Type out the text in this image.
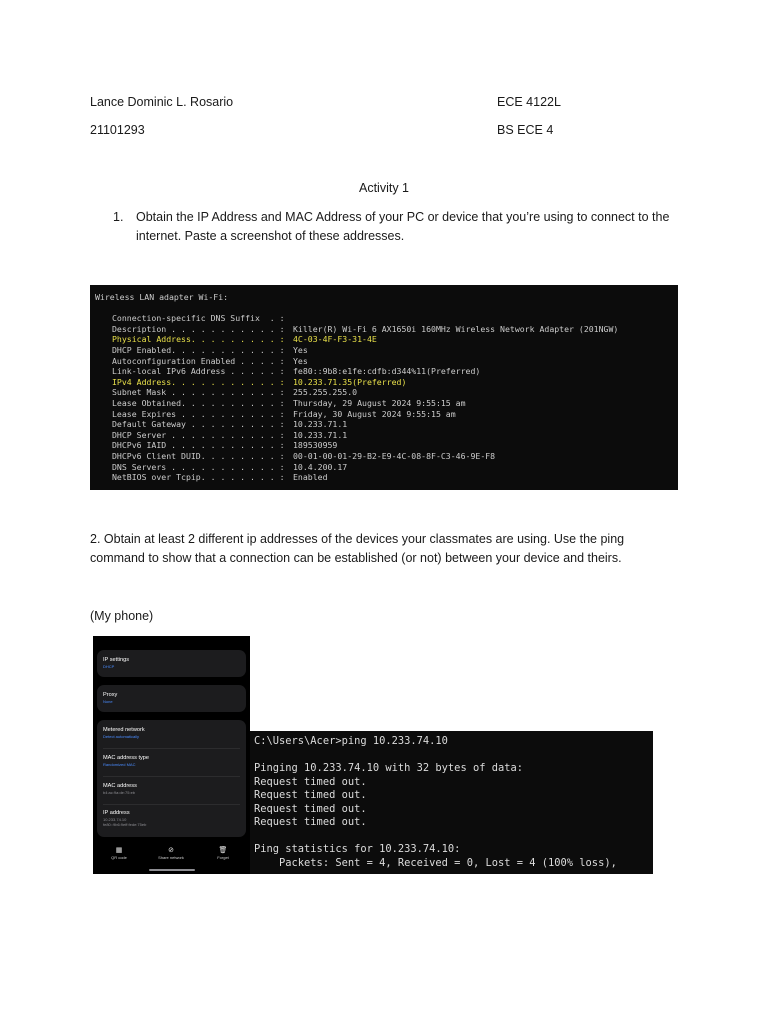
Lance Dominic L. Rosario	ECE 4122L
21101293	BS ECE 4
Activity 1
1. Obtain the IP Address and MAC Address of your PC or device that you’re using to connect to the internet. Paste a screenshot of these addresses.
Wireless LAN adapter Wi-Fi:
Connection-specific DNS Suffix  . :
Description . . . . . . . . . . . :	Killer(R) Wi-Fi 6 AX1650i 160MHz Wireless Network Adapter (201NGW)
Physical Address. . . . . . . . . :	4C-03-4F-F3-31-4E
DHCP Enabled. . . . . . . . . . . :	Yes
Autoconfiguration Enabled . . . . :	Yes
Link-local IPv6 Address . . . . . :	fe80::9b8:e1fe:cdfb:d344%11(Preferred)
IPv4 Address. . . . . . . . . . . :	10.233.71.35(Preferred)
Subnet Mask . . . . . . . . . . . :	255.255.255.0
Lease Obtained. . . . . . . . . . :	Thursday, 29 August 2024 9:55:15 am
Lease Expires . . . . . . . . . . :	Friday, 30 August 2024 9:55:15 am
Default Gateway . . . . . . . . . :	10.233.71.1
DHCP Server . . . . . . . . . . . :	10.233.71.1
DHCPv6 IAID . . . . . . . . . . . :	189530959
DHCPv6 Client DUID. . . . . . . . :	00-01-00-01-29-B2-E9-4C-08-8F-C3-46-9E-F8
DNS Servers . . . . . . . . . . . :	10.4.200.17
NetBIOS over Tcpip. . . . . . . . :	Enabled
2. Obtain at least 2 different ip addresses of the devices your classmates are using. Use the ping command to show that a connection can be established (or not) between your device and theirs.
(My phone)
IP settings
DHCP
Proxy
None
Metered network
Detect automatically
MAC address type
Randomized MAC
MAC address
b4:ac:9a:de:75:eb
IP address
10.233.74.10
fe80::9b6:9eff:fede:75eb
▦
QR code
⊘
Share network
🗑
Forget
C:\Users\Acer>ping 10.233.74.10
Pinging 10.233.74.10 with 32 bytes of data:
Request timed out.
Request timed out.
Request timed out.
Request timed out.
Ping statistics for 10.233.74.10:
Packets: Sent = 4, Received = 0, Lost = 4 (100% loss),
